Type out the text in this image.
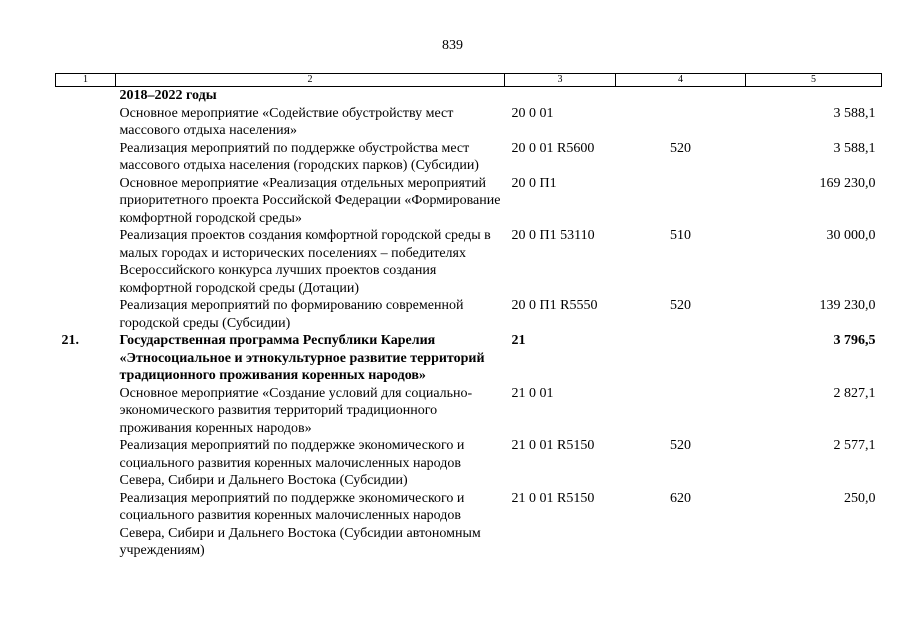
839
1	2	3	4	5
	2018–2022 годы			
	Основное мероприятие «Содействие обустройству мест массового отдыха населения»	20 0 01		3 588,1
	Реализация мероприятий по поддержке обустройства мест массового отдыха населения (городских парков) (Субсидии)	20 0 01 R5600	520	3 588,1
	Основное мероприятие «Реализация отдельных мероприятий приоритетного проекта Российской Федерации «Формирование комфортной городской среды»	20 0 П1		169 230,0
	Реализация проектов создания комфортной городской среды в малых городах и исторических поселениях – победителях Всероссийского конкурса лучших проектов создания комфортной городской среды (Дотации)	20 0 П1 53110	510	30 000,0
	Реализация мероприятий по формированию современной городской среды (Субсидии)	20 0 П1 R5550	520	139 230,0
21.	Государственная программа Республики Карелия «Этносоциальное и этнокультурное развитие территорий традиционного проживания коренных народов»	21		3 796,5
	Основное мероприятие «Создание условий для социально-экономического развития территорий традиционного проживания коренных народов»	21 0 01		2 827,1
	Реализация мероприятий по поддержке экономического и социального развития коренных малочисленных народов Севера, Сибири и Дальнего Востока (Субсидии)	21 0 01 R5150	520	2 577,1
	Реализация мероприятий по поддержке экономического и социального развития коренных малочисленных народов Севера, Сибири и Дальнего Востока (Субсидии автономным учреждениям)	21 0 01 R5150	620	250,0
